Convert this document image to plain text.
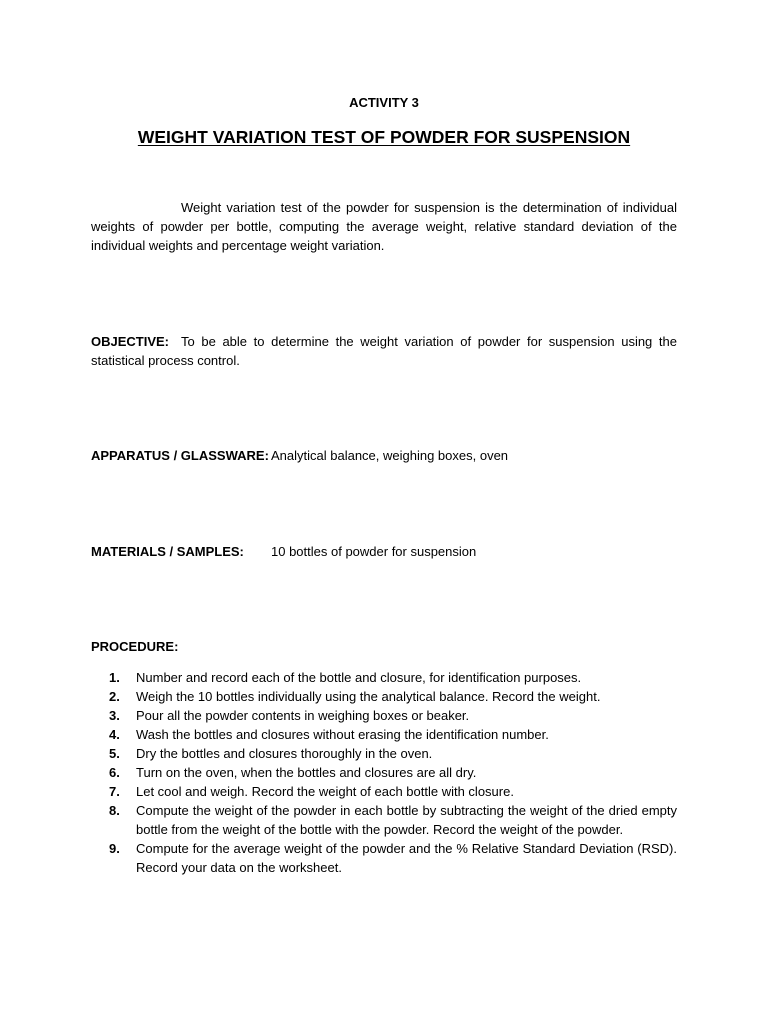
ACTIVITY 3
WEIGHT VARIATION TEST OF POWDER FOR SUSPENSION

Weight variation test of the powder for suspension is the determination of individual weights of powder per bottle, computing the average weight, relative standard deviation of the individual weights and percentage weight variation.

OBJECTIVE: To be able to determine the weight variation of powder for suspension using the statistical process control.

APPARATUS / GLASSWARE: Analytical balance, weighing boxes, oven

MATERIALS / SAMPLES: 10 bottles of powder for suspension

PROCEDURE:

1.	Number and record each of the bottle and closure, for identification purposes.
2.	Weigh the 10 bottles individually using the analytical balance. Record the weight.
3.	Pour all the powder contents in weighing boxes or beaker.
4.	Wash the bottles and closures without erasing the identification number.
5.	Dry the bottles and closures thoroughly in the oven.
6.	Turn on the oven, when the bottles and closures are all dry.
7.	Let cool and weigh. Record the weight of each bottle with closure.
8.	Compute the weight of the powder in each bottle by subtracting the weight of the dried empty bottle from the weight of the bottle with the powder. Record the weight of the powder.
9.	Compute for the average weight of the powder and the % Relative Standard Deviation (RSD). Record your data on the worksheet.
